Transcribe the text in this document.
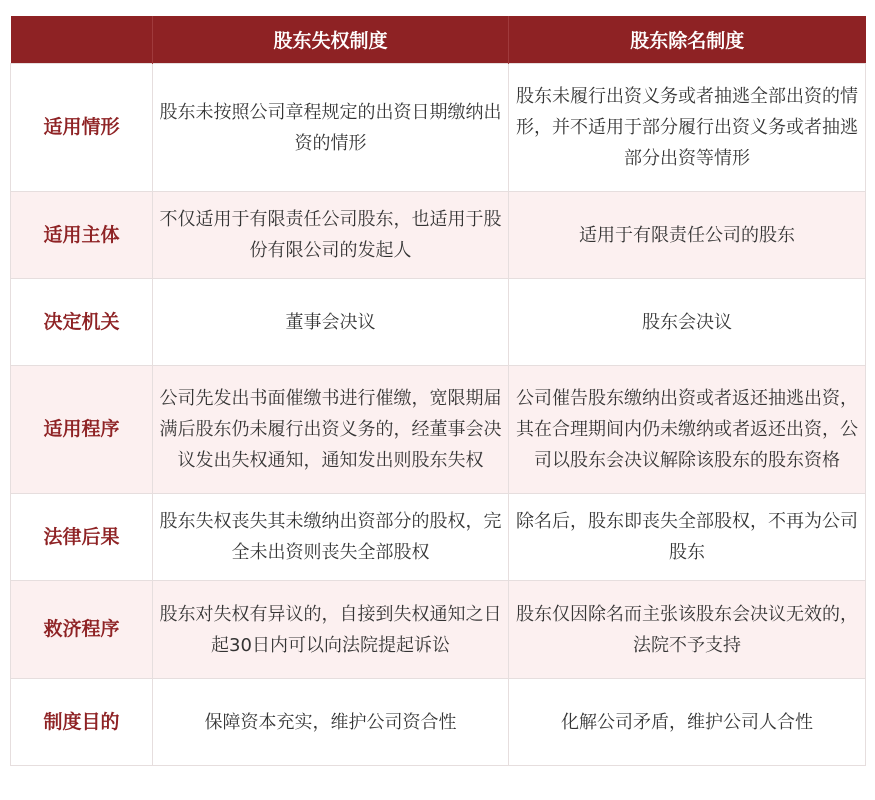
	股东失权制度	股东除名制度
适用情形	股东未按照公司章程规定的出资日期缴纳出资的情形	股东未履行出资义务或者抽逃全部出资的情形，并不适用于部分履行出资义务或者抽逃部分出资等情形
适用主体	不仅适用于有限责任公司股东，也适用于股份有限公司的发起人	适用于有限责任公司的股东
决定机关	董事会决议	股东会决议
适用程序	公司先发出书面催缴书进行催缴，宽限期届满后股东仍未履行出资义务的，经董事会决议发出失权通知，通知发出则股东失权	公司催告股东缴纳出资或者返还抽逃出资，其在合理期间内仍未缴纳或者返还出资，公司以股东会决议解除该股东的股东资格
法律后果	股东失权丧失其未缴纳出资部分的股权，完全未出资则丧失全部股权	除名后，股东即丧失全部股权，不再为公司股东
救济程序	股东对失权有异议的，自接到失权通知之日起30日内可以向法院提起诉讼	股东仅因除名而主张该股东会决议无效的，法院不予支持
制度目的	保障资本充实，维护公司资合性	化解公司矛盾，维护公司人合性
